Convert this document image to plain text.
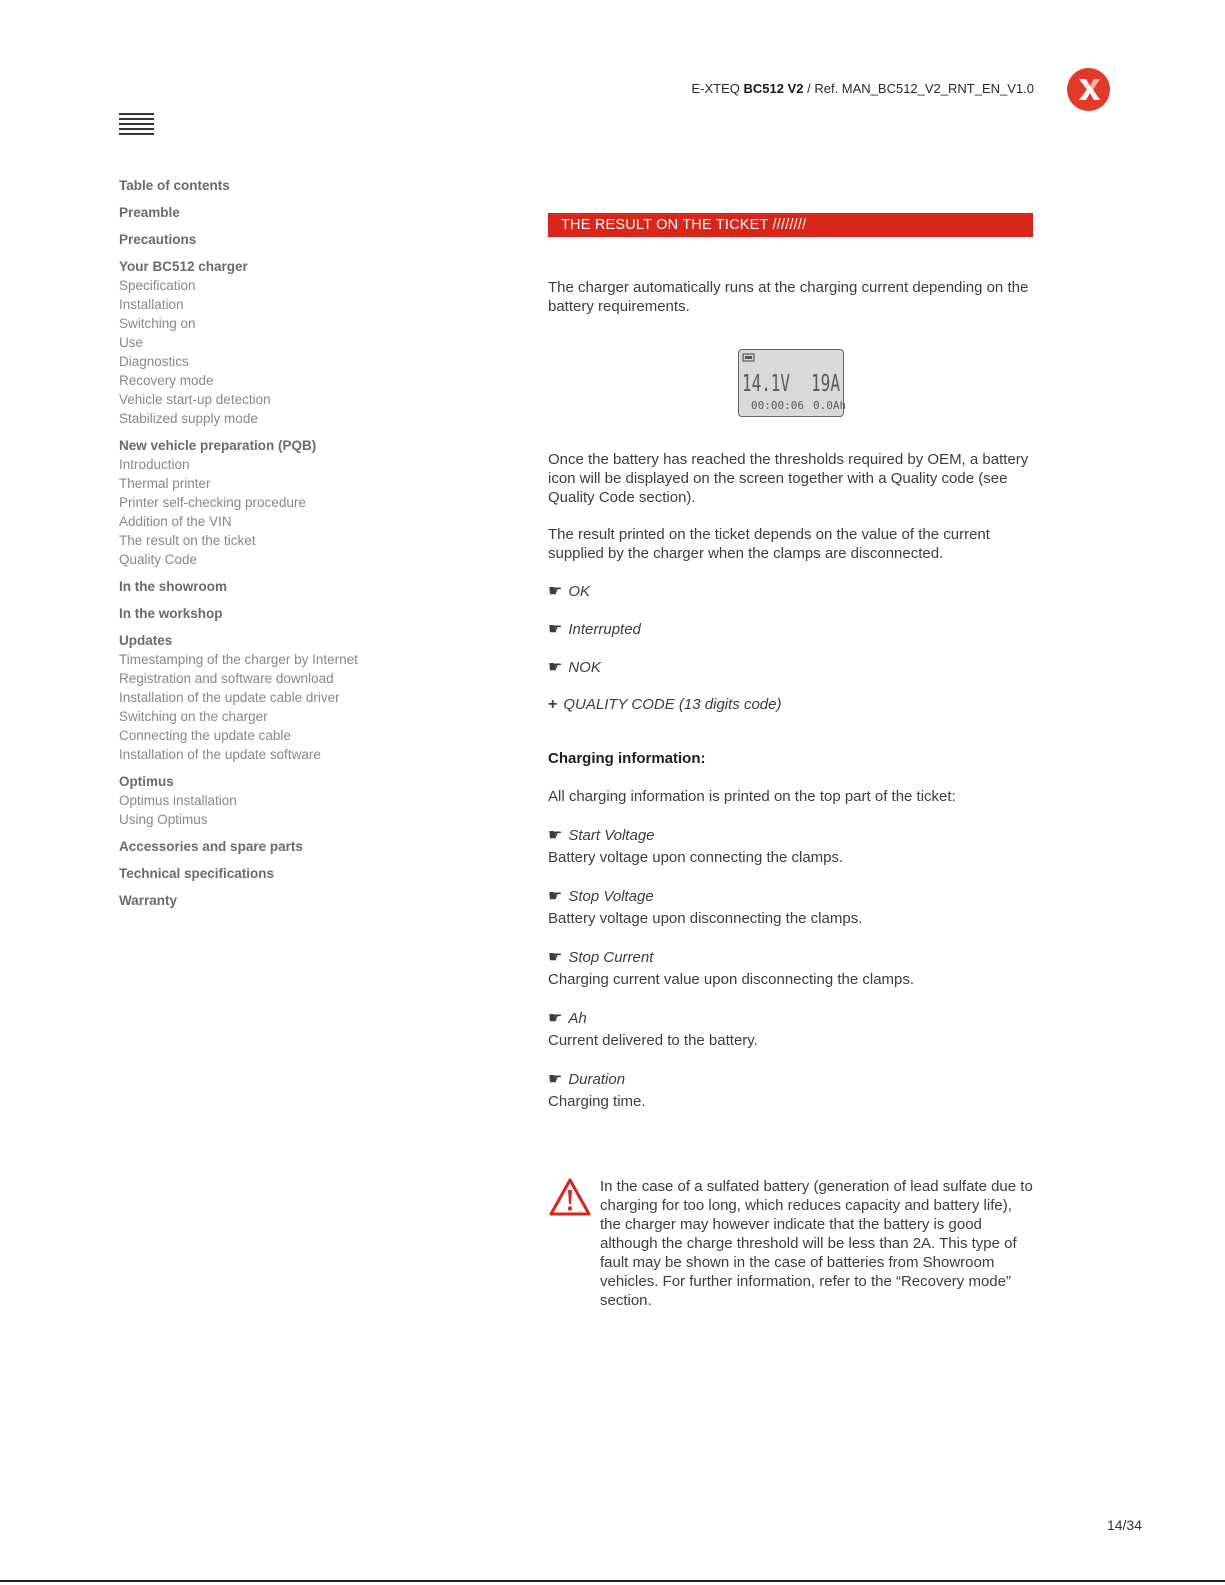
E-XTEQ BC512 V2 / Ref. MAN_BC512_V2_RNT_EN_V1.0
Table of contents
Preamble
Precautions
Your BC512 charger
Specification
Installation
Switching on
Use
Diagnostics
Recovery mode
Vehicle start-up detection
Stabilized supply mode
New vehicle preparation (PQB)
Introduction
Thermal printer
Printer self-checking procedure
Addition of the VIN
The result on the ticket
Quality Code
In the showroom
In the workshop
Updates
Timestamping of the charger by Internet
Registration and software download
Installation of the update cable driver
Switching on the charger
Connecting the update cable
Installation of the update software
Optimus
Optimus installation
Using Optimus
Accessories and spare parts
Technical specifications
Warranty
THE RESULT ON THE TICKET ////////

The charger automatically runs at the charging current depending on the battery requirements.

14.1V 19A
00:00:06 0.0Ah

Once the battery has reached the thresholds required by OEM, a battery icon will be displayed on the screen together with a Quality code (see Quality Code section).

The result printed on the ticket depends on the value of the current supplied by the charger when the clamps are disconnected.

☛ OK

☛ Interrupted

☛ NOK

+ QUALITY CODE (13 digits code)

Charging information:

All charging information is printed on the top part of the ticket:

☛ Start Voltage

Battery voltage upon connecting the clamps.

☛ Stop Voltage

Battery voltage upon disconnecting the clamps.

☛ Stop Current

Charging current value upon disconnecting the clamps.

☛ Ah

Current delivered to the battery.

☛ Duration

Charging time.

In the case of a sulfated battery (generation of lead sulfate due to charging for too long, which reduces capacity and battery life), the charger may however indicate that the battery is good although the charge threshold will be less than 2A. This type of fault may be shown in the case of batteries from Showroom vehicles. For further information, refer to the “Recovery mode” section.

14/34
